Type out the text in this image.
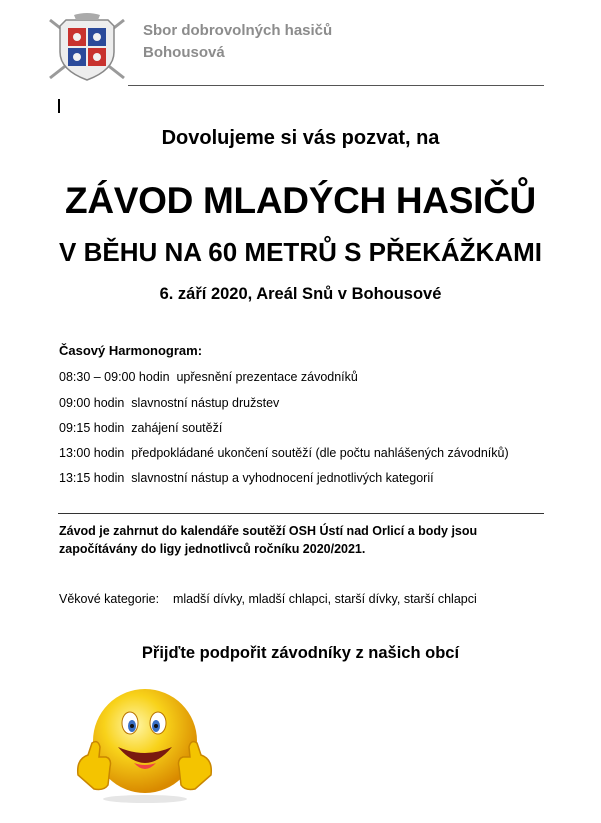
Sbor dobrovolných hasičů
Bohousová
Dovolujeme si vás pozvat, na
ZÁVOD MLADÝCH HASIČŮ
V BĚHU NA 60 METRŮ S PŘEKÁŽKAMI
6. září 2020, Areál Snů v Bohousové
Časový Harmonogram:
08:30 – 09:00 hodin upřesnění prezentace závodníků
09:00 hodin slavnostní nástup družstev
09:15 hodin zahájení soutěží
13:00 hodin předpokládané ukončení soutěží (dle počtu nahlášených závodníků)
13:15 hodin slavnostní nástup a vyhodnocení jednotlivých kategorií
Závod je zahrnut do kalendáře soutěží OSH Ústí nad Orlicí a body jsou započítávány do ligy jednotlivců ročníku 2020/2021.
Věkové kategorie: mladší dívky, mladší chlapci, starší dívky, starší chlapci
Přijďte podpořit závodníky z našich obcí
